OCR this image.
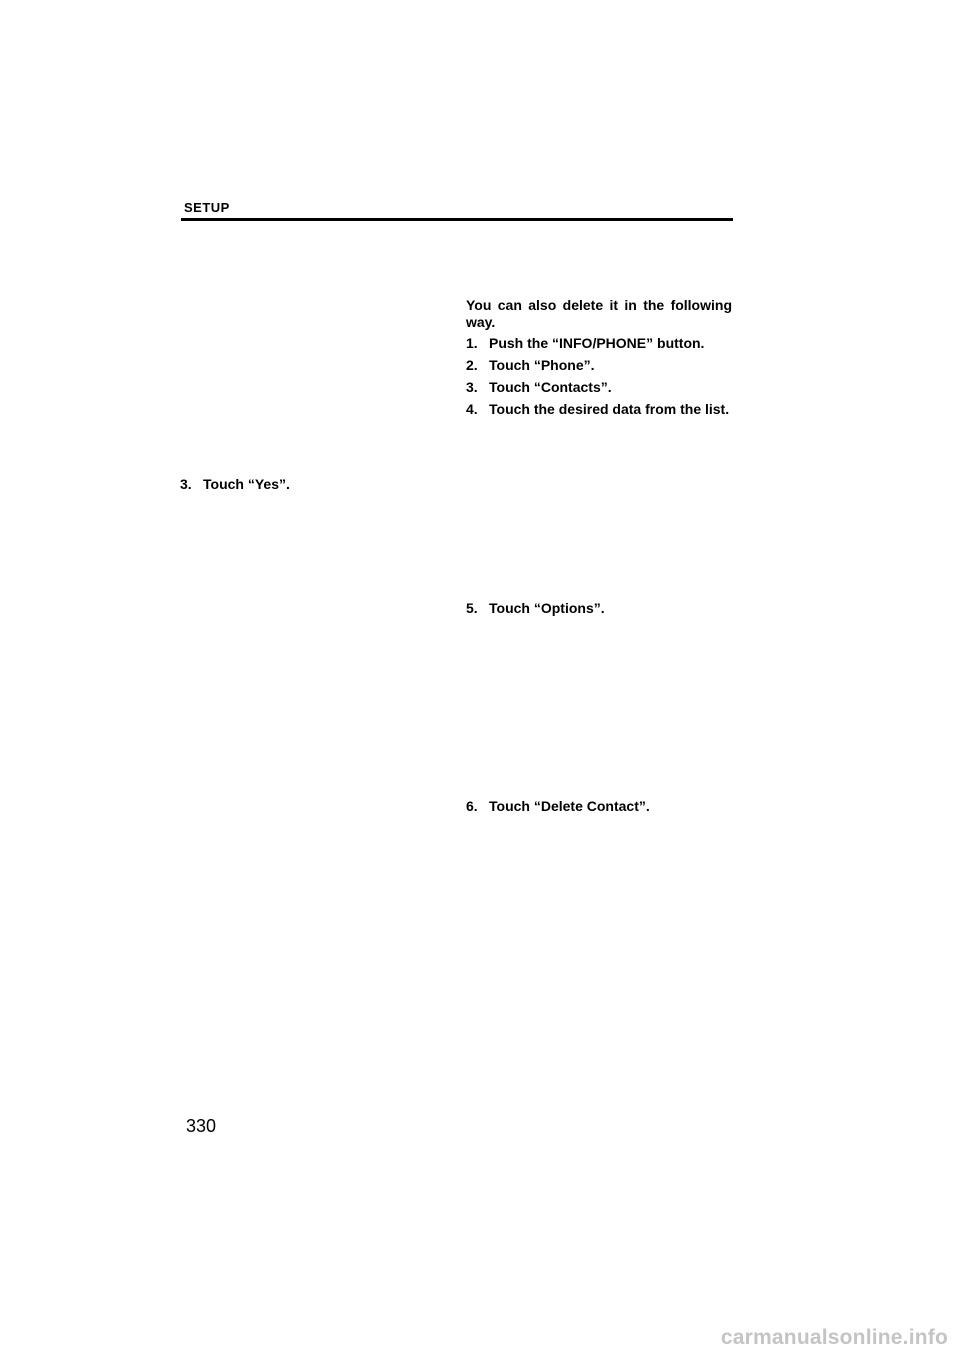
SETUP
3. Touch “Yes”.
You can also delete it in the following way.
1. Push the “INFO/PHONE” button.
2. Touch “Phone”.
3. Touch “Contacts”.
4. Touch the desired data from the list.
5. Touch “Options”.
6. Touch “Delete Contact”.
330
carmanualsonline.info
